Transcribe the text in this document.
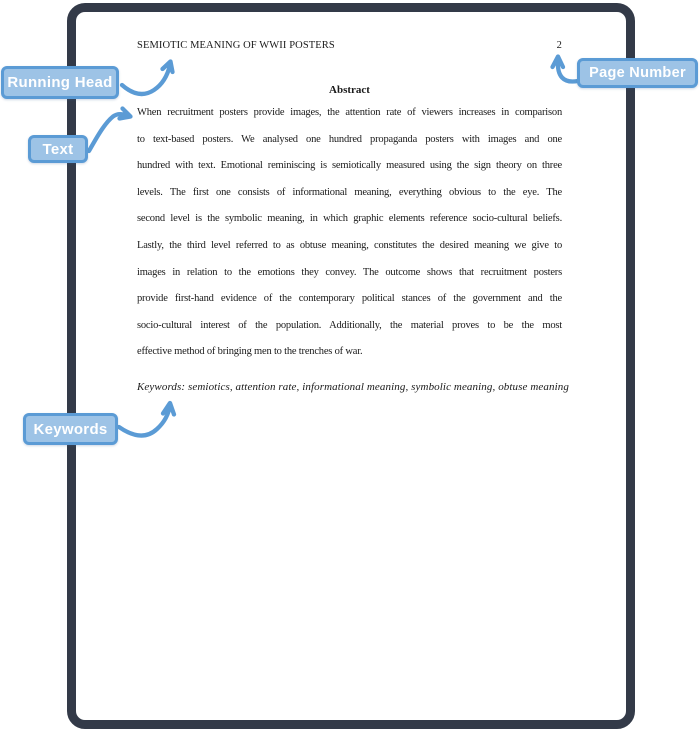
SEMIOTIC MEANING OF WWII POSTERS	2
Abstract
When recruitment posters provide images, the attention rate of viewers increases in comparison
to text-based posters. We analysed one hundred propaganda posters with images and one
hundred with text. Emotional reminiscing is semiotically measured using the sign theory on three
levels. The first one consists of informational meaning, everything obvious to the eye. The
second level is the symbolic meaning, in which graphic elements reference socio-cultural beliefs.
Lastly, the third level referred to as obtuse meaning, constitutes the desired meaning we give to
images in relation to the emotions they convey. The outcome shows that recruitment posters
provide first-hand evidence of the contemporary political stances of the government and the
socio-cultural interest of the population. Additionally, the material proves to be the most
effective method of bringing men to the trenches of war.
Keywords: semiotics, attention rate, informational meaning, symbolic meaning, obtuse meaning
Running Head
Page Number
Text
Keywords
